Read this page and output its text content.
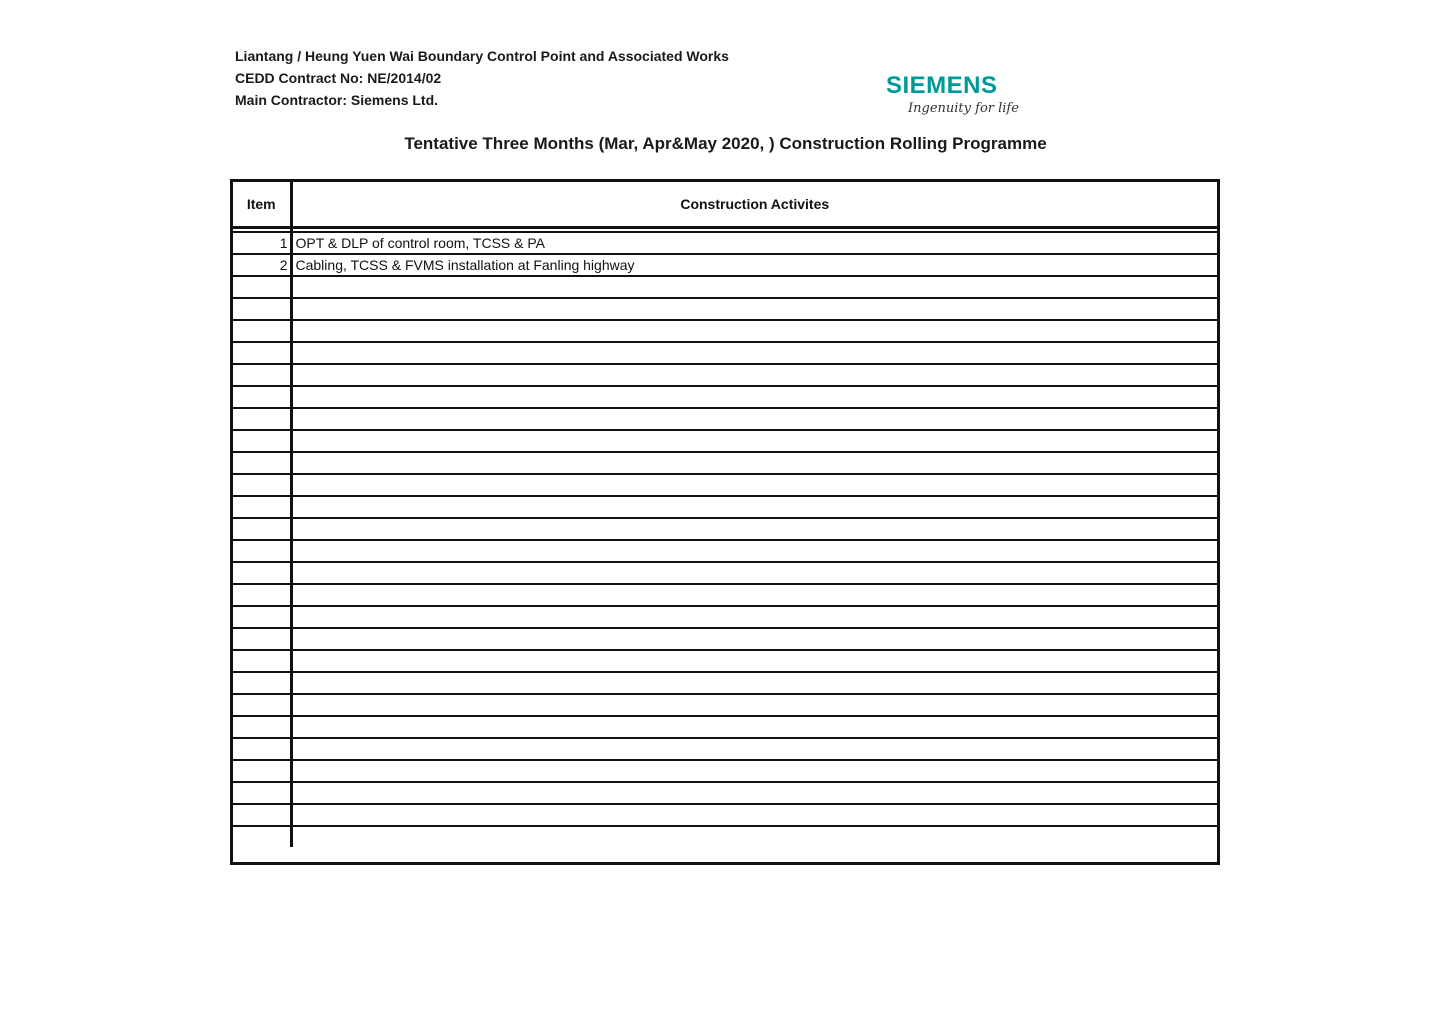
Liantang / Heung Yuen Wai Boundary Control Point and Associated Works
CEDD Contract No: NE/2014/02
Main Contractor: Siemens Ltd.
SIEMENS
Ingenuity for life
Tentative Three Months (Mar, Apr&May 2020, ) Construction Rolling Programme
Item	Construction Activites

1	OPT & DLP of control room, TCSS & PA
2	Cabling, TCSS & FVMS installation at Fanling highway
